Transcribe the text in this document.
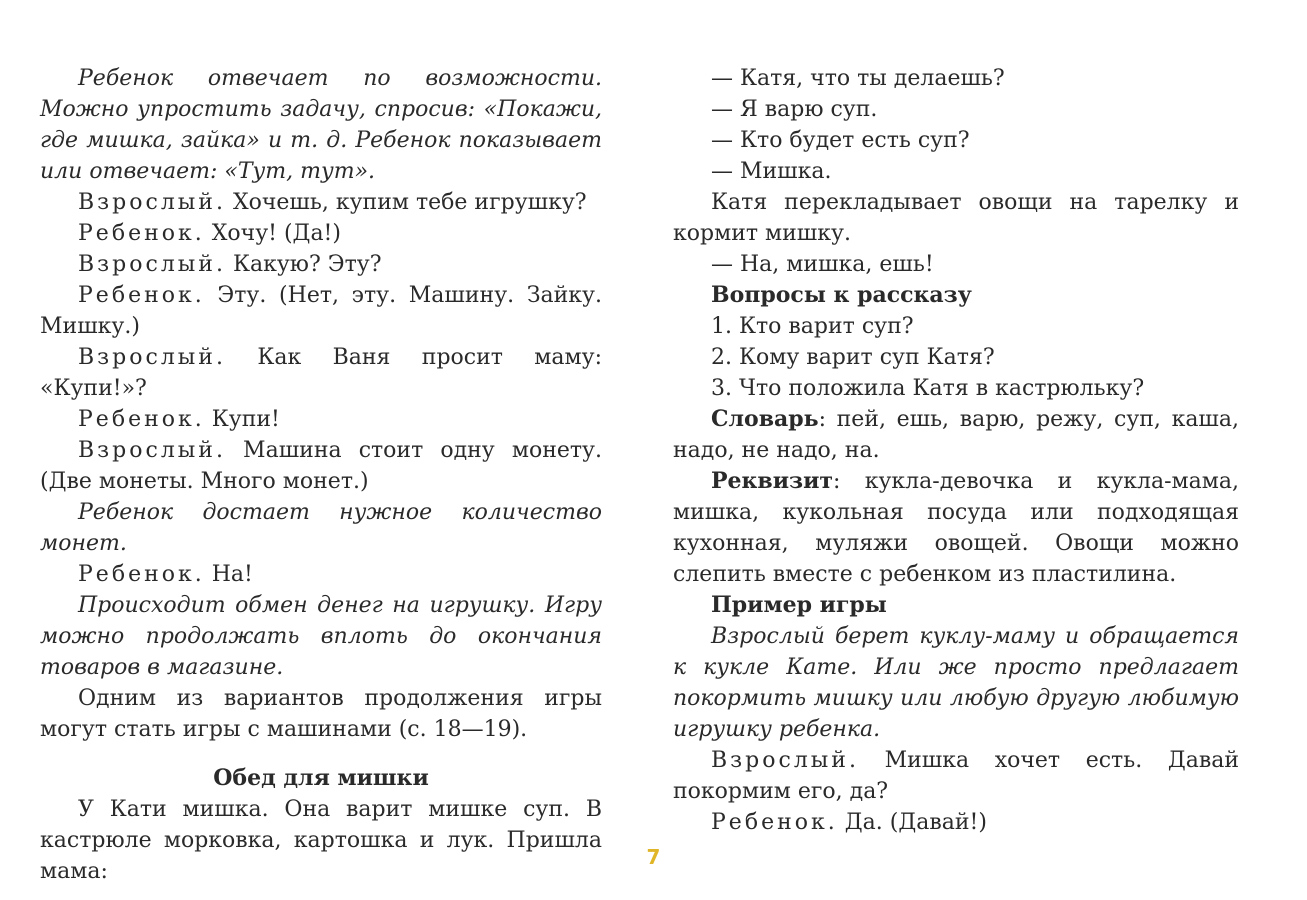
Ребенок отвечает по возможности. Можно упростить задачу, спросив: «Покажи, где мишка, зайка» и т. д. Ребенок показывает или отвечает: «Тут, тут».

Взрослый. Хочешь, купим тебе игрушку?

Ребенок. Хочу! (Да!)

Взрослый. Какую? Эту?

Ребенок. Эту. (Нет, эту. Машину. Зайку. Мишку.)

Взрослый. Как Ваня просит маму: «Купи!»?

Ребенок. Купи!

Взрослый. Машина стоит одну монету. (Две монеты. Много монет.)

Ребенок достает нужное количество монет.

Ребенок. На!

Происходит обмен денег на игрушку. Игру можно продолжать вплоть до окончания товаров в магазине.

Одним из вариантов продолжения игры могут стать игры с машинами (с. 18—19).

Обед для мишки

У Кати мишка. Она варит мишке суп. В кастрюле морковка, картошка и лук. Пришла мама:

— Катя, что ты делаешь?

— Я варю суп.

— Кто будет есть суп?

— Мишка.

Катя перекладывает овощи на тарелку и кормит мишку.

— На, мишка, ешь!

Вопросы к рассказу

1. Кто варит суп?

2. Кому варит суп Катя?

3. Что положила Катя в кастрюльку?

Словарь: пей, ешь, варю, режу, суп, каша, надо, не надо, на.

Реквизит: кукла-девочка и кукла-мама, мишка, кукольная посуда или подходящая кухонная, муляжи овощей. Овощи можно слепить вместе с ребенком из пластилина.

Пример игры

Взрослый берет куклу-маму и обращается к кукле Кате. Или же просто предлагает покормить мишку или любую другую любимую игрушку ребенка.

Взрослый. Мишка хочет есть. Давай покормим его, да?

Ребенок. Да. (Давай!)

7
